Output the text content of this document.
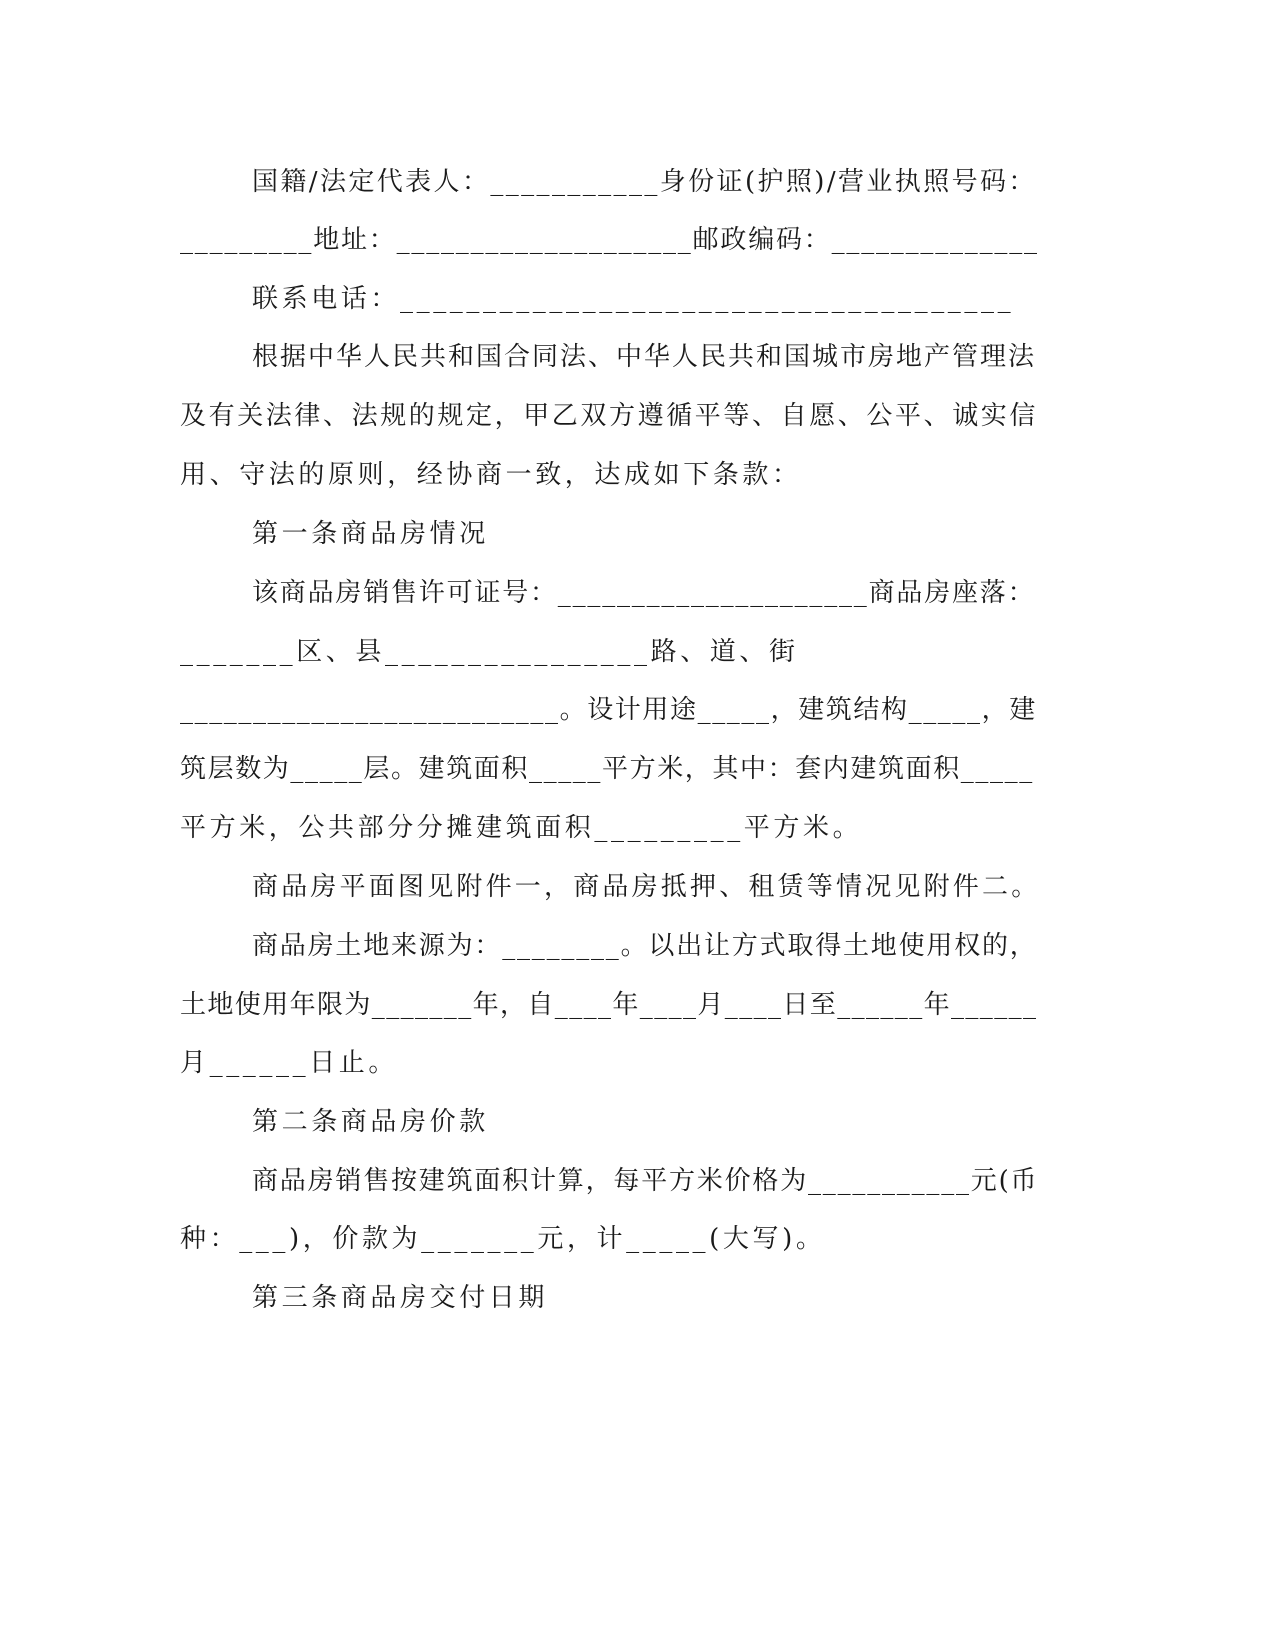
国籍/法定代表人：___________身份证(护照)/营业执照号码：
_________地址：____________________邮政编码：______________
联系电话：_____________________________________
根据中华人民共和国合同法、中华人民共和国城市房地产管理法
及有关法律、法规的规定，甲乙双方遵循平等、自愿、公平、诚实信
用、守法的原则，经协商一致，达成如下条款：
第一条商品房情况
该商品房销售许可证号：_____________________商品房座落：
_______区、县________________路、道、街
__________________________。设计用途_____，建筑结构_____，建
筑层数为_____层。建筑面积_____平方米，其中：套内建筑面积_____
平方米，公共部分分摊建筑面积_________平方米。
商品房平面图见附件一，商品房抵押、租赁等情况见附件二。
商品房土地来源为：________。以出让方式取得土地使用权的，
土地使用年限为_______年，自____年____月____日至______年______
月______日止。
第二条商品房价款
商品房销售按建筑面积计算，每平方米价格为___________元(币
种：___)，价款为_______元，计_____(大写)。
第三条商品房交付日期
